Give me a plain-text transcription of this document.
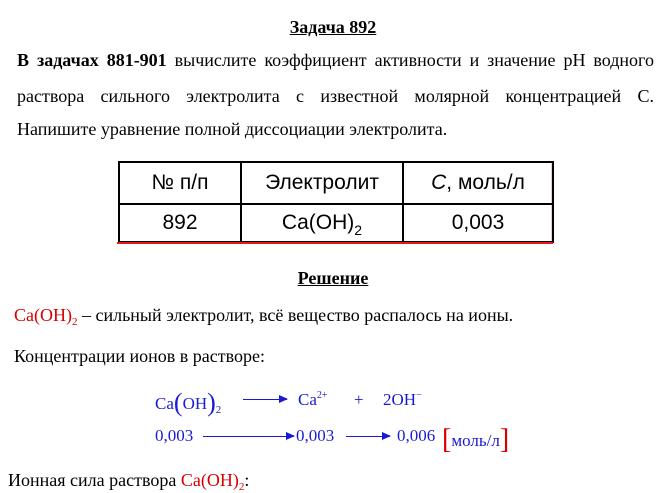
Задача 892
В задачах 881-901 вычислите коэффициент активности и значение pH водного
раствора сильного электролита с известной молярной концентрацией С.
Напишите уравнение полной диссоциации электролита.
№ п/п	Электролит	С, моль/л
892	$Ca(OH)_2$	0,003
Решение
$Ca(OH)_2$ – сильный электролит, всё вещество распалось на ионы.
Концентрации ионов в растворе:
$Ca(OH)_2$
$Ca^{2+} + 2OH^-$
0,003	0,003	0,006 [моль/л]
Ионная сила раствора $Ca(OH)_2$:
